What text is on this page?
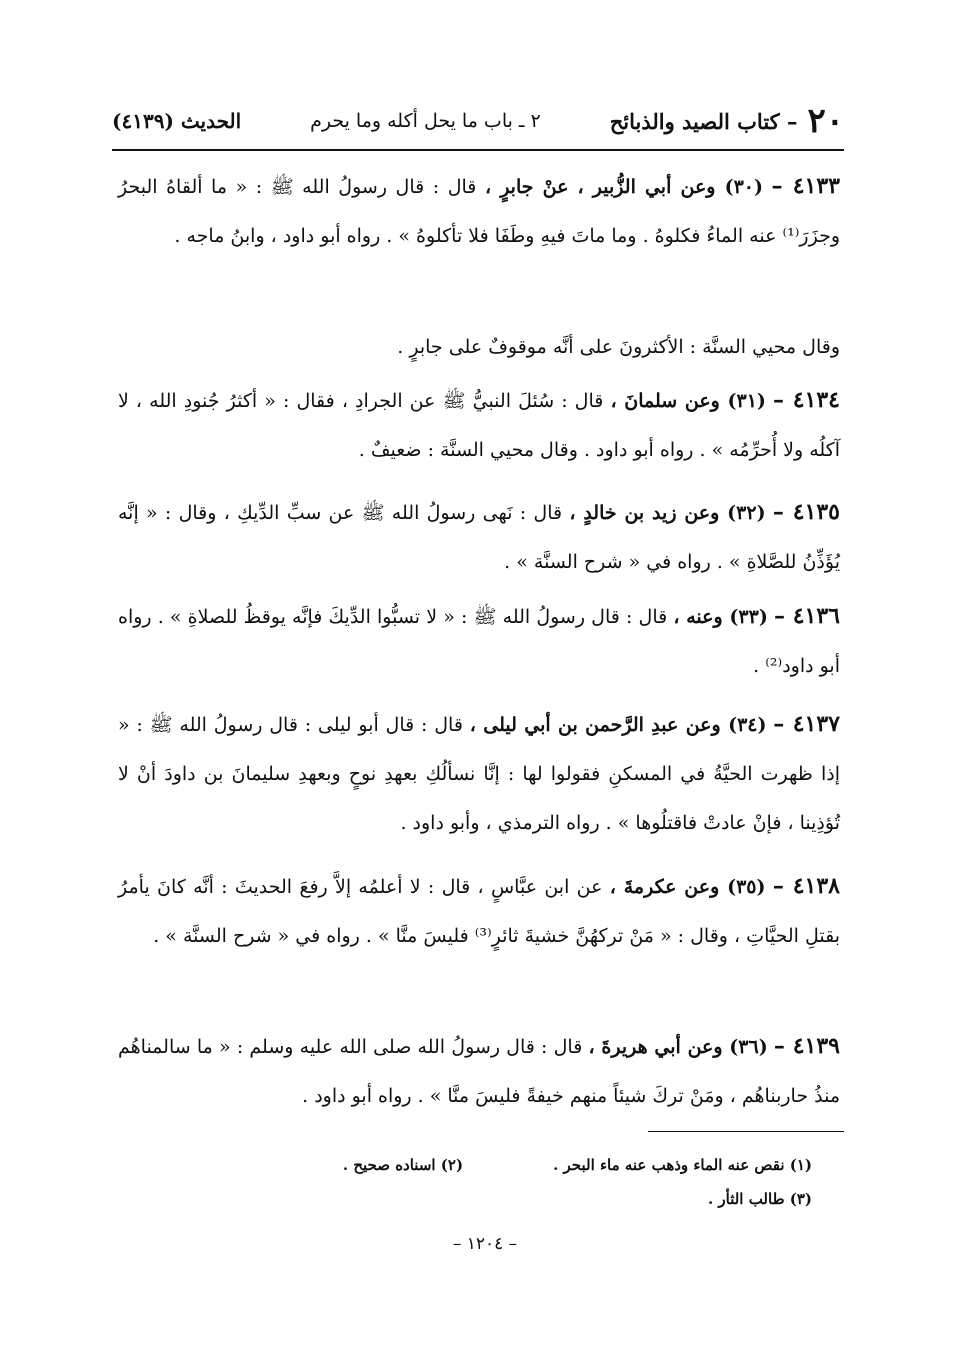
٢٠
– كتاب الصيد والذبائح
٢ ـ باب ما يحل أكله وما يحرم
الحديث (٤١٣٩)
٤١٣٣ – (٣٠) وعن أبي الزُّبير ، عنْ جابرٍ ، قال : قال رسولُ الله ﷺ : « ما ألقاهُ البحرُ وجزَرَ⁽¹⁾ عنه الماءُ فكلوهُ . وما ماتَ فيهِ وطَفَا فلا تأكلوهُ » . رواه أبو داود ، وابنُ ماجه .
وقال محيي السنَّة : الأكثرونَ على أنَّه موقوفٌ على جابرٍ .
٤١٣٤ – (٣١) وعن سلمانَ ، قال : سُئلَ النبيُّ ﷺ عن الجرادِ ، فقال : « أكثرُ جُنودِ الله ، لا آكلُه ولا أُحرِّمُه » . رواه أبو داود . وقال محيي السنَّة : ضعيفٌ .
٤١٣٥ – (٣٢) وعن زيد بن خالدٍ ، قال : نَهى رسولُ الله ﷺ عن سبِّ الدِّيكِ ، وقال : « إنَّه يُؤَذِّنُ للصَّلاةِ » . رواه في « شرح السنَّة » .
٤١٣٦ – (٣٣) وعنه ، قال : قال رسولُ الله ﷺ : « لا تسبُّوا الدِّيكَ فإنَّه يوقظُ للصلاةِ » . رواه أبو داود⁽²⁾ .
٤١٣٧ – (٣٤) وعن عبدِ الرَّحمن بن أبي ليلى ، قال : قال أبو ليلى : قال رسولُ الله ﷺ : « إذا ظهرت الحيَّةُ في المسكنِ فقولوا لها : إنَّا نسألُكِ بعهدِ نوحٍ وبعهدِ سليمانَ بن داودَ أنْ لا تُؤذِينا ، فإنْ عادتْ فاقتلُوها » . رواه الترمذي ، وأبو داود .
٤١٣٨ – (٣٥) وعن عكرمةَ ، عن ابن عبَّاسٍ ، قال : لا أعلمُه إلاَّ رفعَ الحديثَ : أنَّه كانَ يأمرُ بقتلِ الحيَّاتِ ، وقال : « مَنْ تركهُنَّ خشيةَ ثائرٍ⁽³⁾ فليسَ منَّا » . رواه في « شرح السنَّة » .
٤١٣٩ – (٣٦) وعن أبي هريرةَ ، قال : قال رسولُ الله صلى الله عليه وسلم : « ما سالمناهُم منذُ حاربناهُم ، ومَنْ تركَ شيئاً منهم خيفةً فليسَ منَّا » . رواه أبو داود .
(١) نقص عنه الماء وذهب عنه ماء البحر .
(٢) اسناده صحيح .
(٣) طالب الثأر .
– ١٢٠٤ –
